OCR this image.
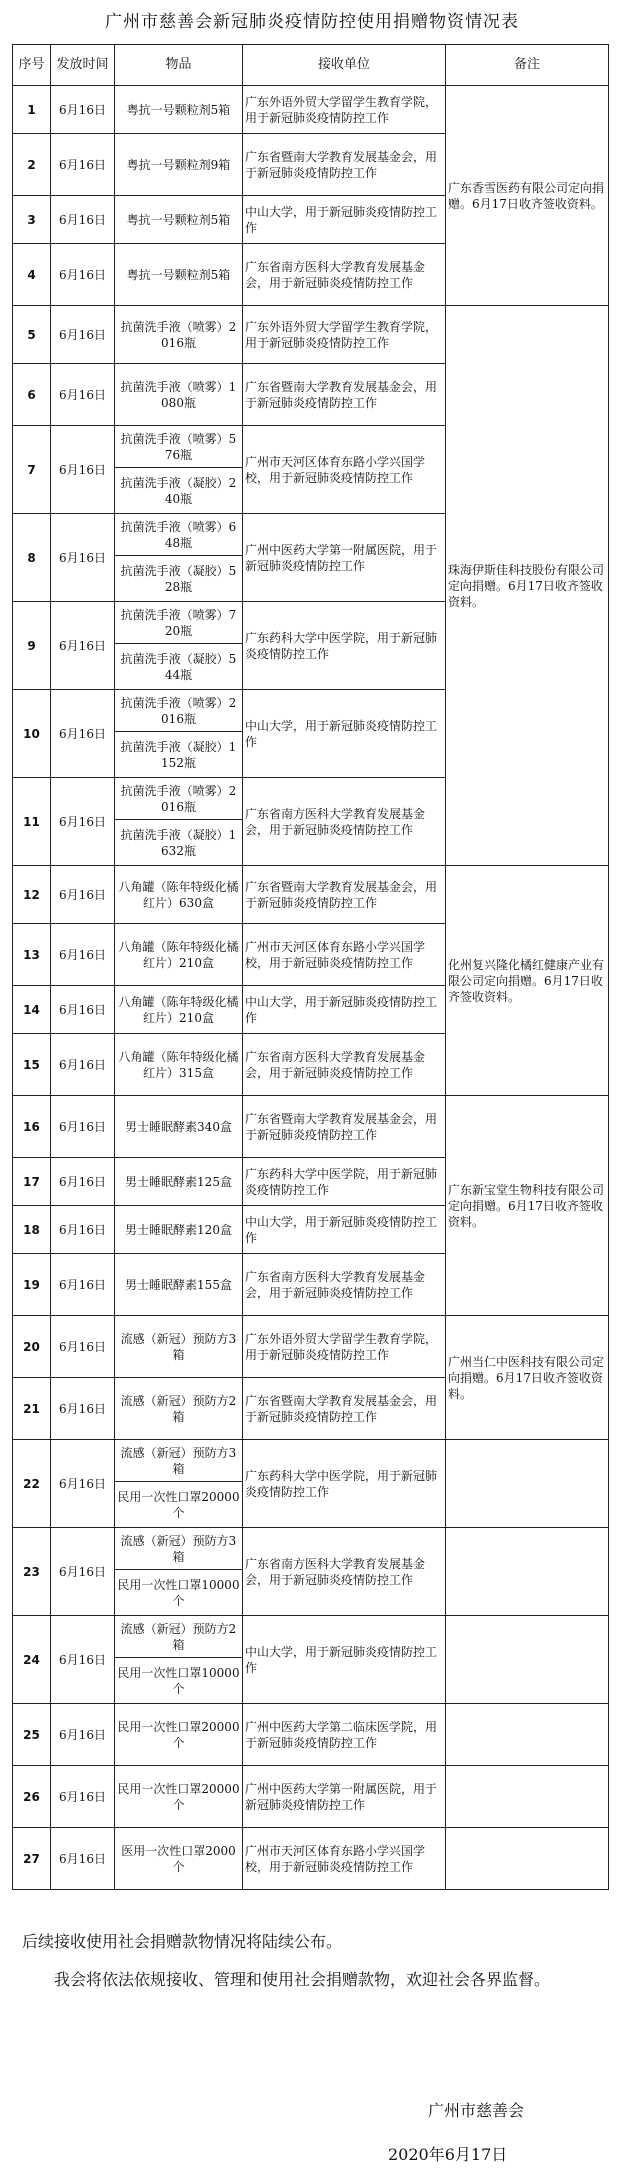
广州市慈善会新冠肺炎疫情防控使用捐赠物资情况表
序号	发放时间	物品	接收单位	备注
1	6月16日	粤抗一号颗粒剂5箱	广东外语外贸大学留学生教育学院，用于新冠肺炎疫情防控工作	广东香雪医药有限公司定向捐赠。6月17日收齐签收资料。
2	6月16日	粤抗一号颗粒剂9箱	广东省暨南大学教育发展基金会，用于新冠肺炎疫情防控工作	
3	6月16日	粤抗一号颗粒剂5箱	中山大学，用于新冠肺炎疫情防控工作	
4	6月16日	粤抗一号颗粒剂5箱	广东省南方医科大学教育发展基金会，用于新冠肺炎疫情防控工作	
5	6月16日	抗菌洗手液（喷雾）2016瓶	广东外语外贸大学留学生教育学院，用于新冠肺炎疫情防控工作	珠海伊斯佳科技股份有限公司定向捐赠。6月17日收齐签收资料。
6	6月16日	抗菌洗手液（喷雾）1080瓶	广东省暨南大学教育发展基金会，用于新冠肺炎疫情防控工作	
7	6月16日	抗菌洗手液（喷雾）576瓶	广州市天河区体育东路小学兴国学校，用于新冠肺炎疫情防控工作	
		抗菌洗手液（凝胶）240瓶		
8	6月16日	抗菌洗手液（喷雾）648瓶	广州中医药大学第一附属医院，用于新冠肺炎疫情防控工作	
		抗菌洗手液（凝胶）528瓶		
9	6月16日	抗菌洗手液（喷雾）720瓶	广东药科大学中医学院，用于新冠肺炎疫情防控工作	
		抗菌洗手液（凝胶）544瓶		
10	6月16日	抗菌洗手液（喷雾）2016瓶	中山大学，用于新冠肺炎疫情防控工作	
		抗菌洗手液（凝胶）1152瓶		
11	6月16日	抗菌洗手液（喷雾）2016瓶	广东省南方医科大学教育发展基金会，用于新冠肺炎疫情防控工作	
		抗菌洗手液（凝胶）1632瓶		
12	6月16日	八角罐（陈年特级化橘红片）630盒	广东省暨南大学教育发展基金会，用于新冠肺炎疫情防控工作	化州复兴隆化橘红健康产业有限公司定向捐赠。6月17日收齐签收资料。
13	6月16日	八角罐（陈年特级化橘红片）210盒	广州市天河区体育东路小学兴国学校，用于新冠肺炎疫情防控工作	
14	6月16日	八角罐（陈年特级化橘红片）210盒	中山大学，用于新冠肺炎疫情防控工作	
15	6月16日	八角罐（陈年特级化橘红片）315盒	广东省南方医科大学教育发展基金会，用于新冠肺炎疫情防控工作	
16	6月16日	男士睡眠酵素340盒	广东省暨南大学教育发展基金会，用于新冠肺炎疫情防控工作	广东新宝堂生物科技有限公司定向捐赠。6月17日收齐签收资料。
17	6月16日	男士睡眠酵素125盒	广东药科大学中医学院，用于新冠肺炎疫情防控工作	
18	6月16日	男士睡眠酵素120盒	中山大学，用于新冠肺炎疫情防控工作	
19	6月16日	男士睡眠酵素155盒	广东省南方医科大学教育发展基金会，用于新冠肺炎疫情防控工作	
20	6月16日	流感（新冠）预防方3箱	广东外语外贸大学留学生教育学院，用于新冠肺炎疫情防控工作	广州当仁中医科技有限公司定向捐赠。6月17日收齐签收资料。
21	6月16日	流感（新冠）预防方2箱	广东省暨南大学教育发展基金会，用于新冠肺炎疫情防控工作	
22	6月16日	流感（新冠）预防方3箱	广东药科大学中医学院，用于新冠肺炎疫情防控工作	
		民用一次性口罩20000个		
23	6月16日	流感（新冠）预防方3箱	广东省南方医科大学教育发展基金会，用于新冠肺炎疫情防控工作	
		民用一次性口罩10000个		
24	6月16日	流感（新冠）预防方2箱	中山大学，用于新冠肺炎疫情防控工作	
		民用一次性口罩10000个		
25	6月16日	民用一次性口罩20000个	广州中医药大学第二临床医学院，用于新冠肺炎疫情防控工作	
26	6月16日	民用一次性口罩20000个	广州中医药大学第一附属医院，用于新冠肺炎疫情防控工作	
27	6月16日	医用一次性口罩2000个	广州市天河区体育东路小学兴国学校，用于新冠肺炎疫情防控工作	
后续接收使用社会捐赠款物情况将陆续公布。
我会将依法依规接收、管理和使用社会捐赠款物，欢迎社会各界监督。
广州市慈善会
2020年6月17日
